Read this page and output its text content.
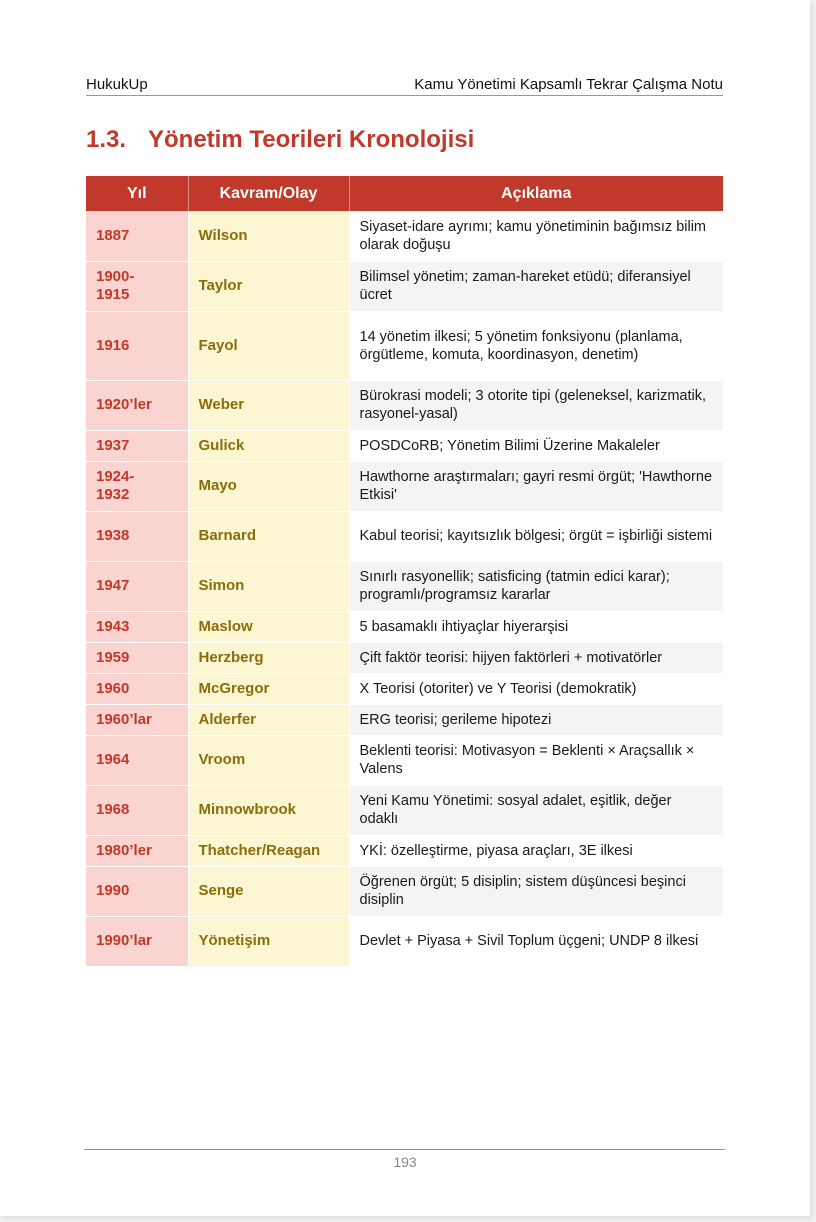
HukukUp	Kamu Yönetimi Kapsamlı Tekrar Çalışma Notu
1.3. Yönetim Teorileri Kronolojisi
Yıl	Kavram/Olay	Açıklama
1887	Wilson	Siyaset-idare ayrımı; kamu yönetiminin bağımsız bilim olarak doğuşu
1900-
1915	Taylor	Bilimsel yönetim; zaman-hareket etüdü; diferansiyel ücret
1916	Fayol	14 yönetim ilkesi; 5 yönetim fonksiyonu (planlama, örgütleme, komuta, koordinasyon, denetim)
1920’ler	Weber	Bürokrasi modeli; 3 otorite tipi (geleneksel, karizmatik, rasyonel-yasal)
1937	Gulick	POSDCoRB; Yönetim Bilimi Üzerine Makaleler
1924-
1932	Mayo	Hawthorne araştırmaları; gayri resmi örgüt; 'Hawthorne Etkisi'
1938	Barnard	Kabul teorisi; kayıtsızlık bölgesi; örgüt = işbirliği sistemi
1947	Simon	Sınırlı rasyonellik; satisficing (tatmin edici karar); programlı/programsız kararlar
1943	Maslow	5 basamaklı ihtiyaçlar hiyerarşisi
1959	Herzberg	Çift faktör teorisi: hijyen faktörleri + motivatörler
1960	McGregor	X Teorisi (otoriter) ve Y Teorisi (demokratik)
1960’lar	Alderfer	ERG teorisi; gerileme hipotezi
1964	Vroom	Beklenti teorisi: Motivasyon = Beklenti × Araçsallık × Valens
1968	Minnowbrook	Yeni Kamu Yönetimi: sosyal adalet, eşitlik, değer odaklı
1980’ler	Thatcher/Reagan	YKİ: özelleştirme, piyasa araçları, 3E ilkesi
1990	Senge	Öğrenen örgüt; 5 disiplin; sistem düşüncesi beşinci disiplin
1990’lar	Yönetişim	Devlet + Piyasa + Sivil Toplum üçgeni; UNDP 8 ilkesi
193
